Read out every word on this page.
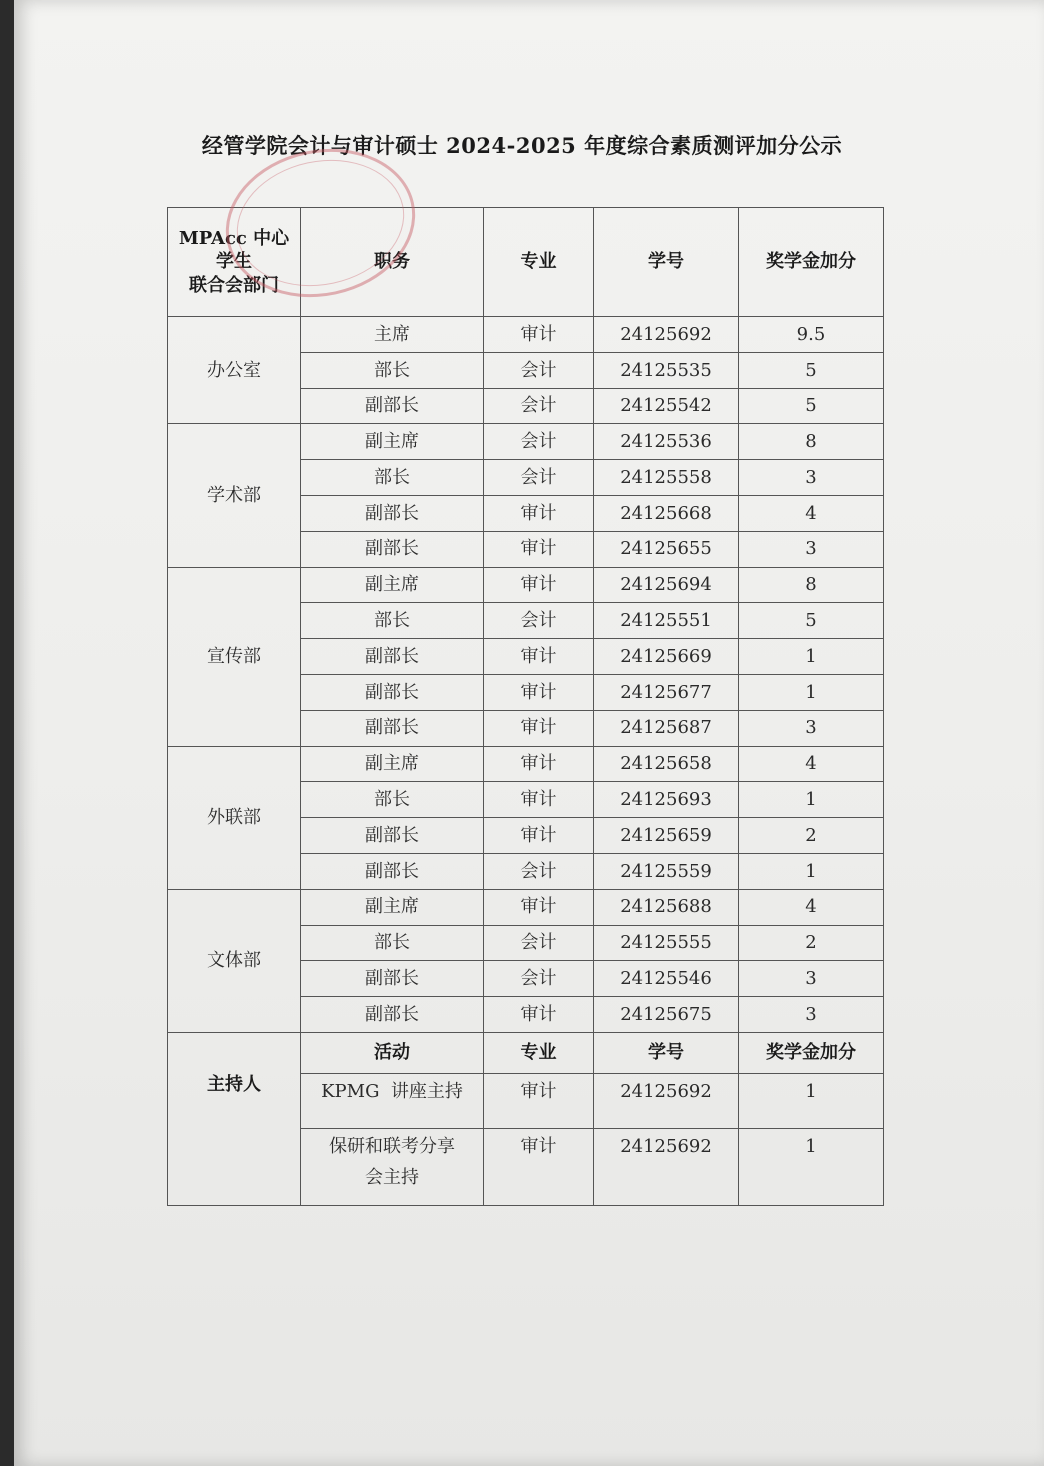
经管学院会计与审计硕士 2024-2025 年度综合素质测评加分公示
MPAcc 中心
学生
联合会部门	职务	专业	学号	奖学金加分
办公室	主席	审计	24125692	9.5
	部长	会计	24125535	5
	副部长	会计	24125542	5
学术部	副主席	会计	24125536	8
	部长	会计	24125558	3
	副部长	审计	24125668	4
	副部长	审计	24125655	3
宣传部	副主席	审计	24125694	8
	部长	会计	24125551	5
	副部长	审计	24125669	1
	副部长	审计	24125677	1
	副部长	审计	24125687	3
外联部	副主席	审计	24125658	4
	部长	审计	24125693	1
	副部长	审计	24125659	2
	副部长	会计	24125559	1
文体部	副主席	审计	24125688	4
	部长	会计	24125555	2
	副部长	会计	24125546	3
	副部长	审计	24125675	3
主持人	活动	专业	学号	奖学金加分

	KPMG  讲座主持	审计	24125692	1

	保研和联考分享
会主持	审计	24125692	1
